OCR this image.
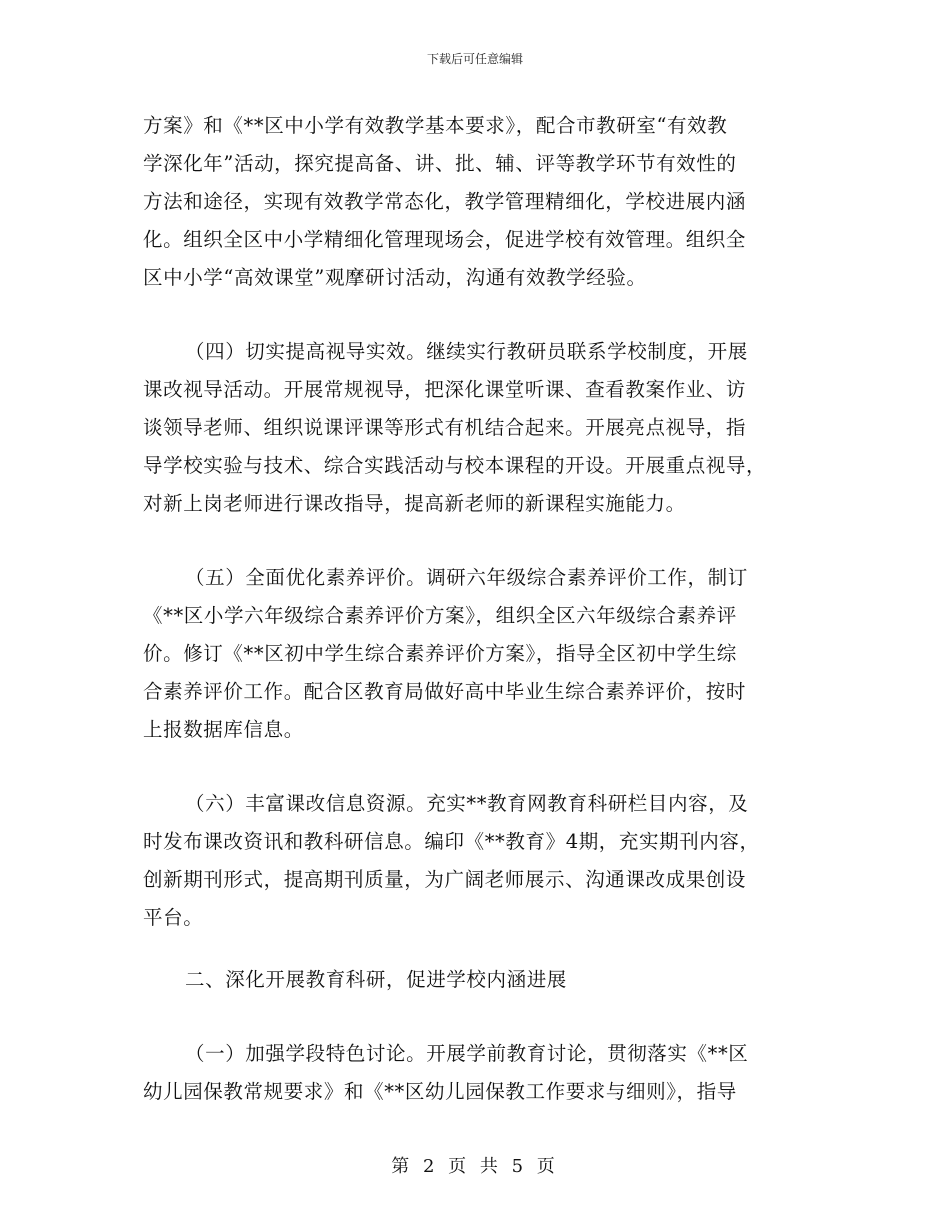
下载后可任意编辑
方案》和《**区中小学有效教学基本要求》，配合市教研室“有效教
学深化年”活动，探究提高备、讲、批、辅、评等教学环节有效性的
方法和途径，实现有效教学常态化，教学管理精细化，学校进展内涵
化。组织全区中小学精细化管理现场会，促进学校有效管理。组织全
区中小学“高效课堂”观摩研讨活动，沟通有效教学经验。
（四）切实提高视导实效。继续实行教研员联系学校制度，开展
课改视导活动。开展常规视导，把深化课堂听课、查看教案作业、访
谈领导老师、组织说课评课等形式有机结合起来。开展亮点视导，指
导学校实验与技术、综合实践活动与校本课程的开设。开展重点视导，
对新上岗老师进行课改指导，提高新老师的新课程实施能力。
（五）全面优化素养评价。调研六年级综合素养评价工作，制订
《**区小学六年级综合素养评价方案》，组织全区六年级综合素养评
价。修订《**区初中学生综合素养评价方案》，指导全区初中学生综
合素养评价工作。配合区教育局做好高中毕业生综合素养评价，按时
上报数据库信息。
（六）丰富课改信息资源。充实**教育网教育科研栏目内容，及
时发布课改资讯和教科研信息。编印《**教育》4期，充实期刊内容，
创新期刊形式，提高期刊质量，为广阔老师展示、沟通课改成果创设
平台。
二、深化开展教育科研，促进学校内涵进展
（一）加强学段特色讨论。开展学前教育讨论，贯彻落实《**区
幼儿园保教常规要求》和《**区幼儿园保教工作要求与细则》，指导
第 2 页 共 5 页
